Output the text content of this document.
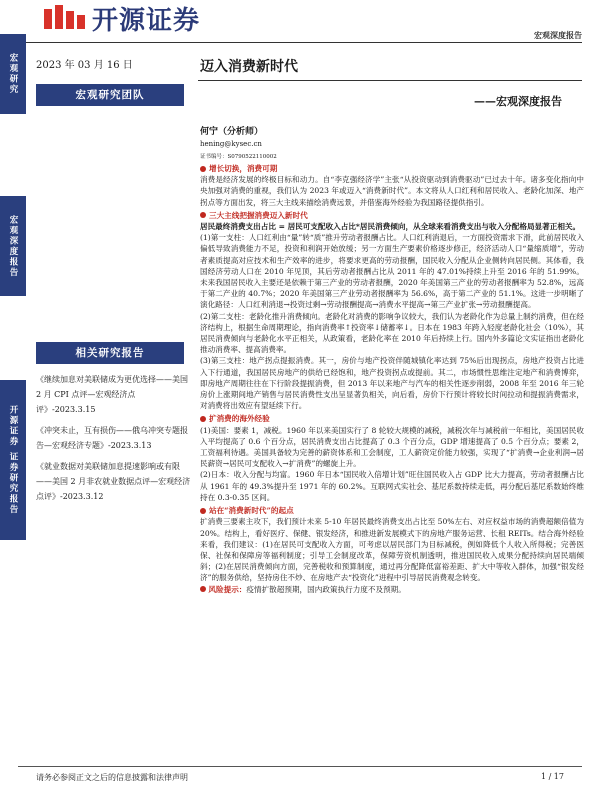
开源证券	宏观深度报告
宏观研究
宏观深度报告
开源证券 证券研究报告
2023 年 03 月 16 日
宏观研究团队
相关研究报告

《继续加息对美联储成为更优选择——美国 2 月 CPI 点评—宏观经济点评》-2023.3.15

《冲突未止，互有损伤——俄乌冲突专题报告—宏观经济专题》-2023.3.13

《就业数据对美联储加息提速影响或有限——美国 2 月非农就业数据点评—宏观经济点评》-2023.3.12

迈入消费新时代
——宏观深度报告
何宁（分析师）
hening@kysec.cn
证书编号：S0790522110002
增长切换，消费可期

消费是经济发展的终极目标和动力。自“李克强经济学”主张“从投资驱动到消费驱动”已过去十年。诸多变化指向中央加强对消费的重视，我们认为 2023 年或迈入“消费新时代”。本文将从人口红利和居民收入、老龄化加深、地产拐点等方面出发，将三大主线来描绘消费远景，并借鉴海外经验为我国路径提供指引。

三大主线把握消费迈入新时代

居民最终消费支出占比 = 居民可支配收入占比*居民消费倾向，从全球来看消费支出与收入分配格局显著正相关。

(1)第一支柱：人口红利由“量”转“质”推升劳动者报酬占比。人口红利消退后，一方面投资需求下滑，此前居民收入偏低导致消费能力不足，投资和利润开始放缓；另一方面生产要素价格逐步修正，经济活动人口“量缩质增”，劳动者素质提高对应技术和生产效率的进步，将要求更高的劳动报酬，国民收入分配从企业侧转向居民侧。其体看，我国经济劳动人口在 2010 年见顶，其后劳动者报酬占比从 2011 年的 47.01%持续上升至 2016 年的 51.99%。未来我国居民收入主要还是依赖于第三产业的劳动者报酬，2020 年美国第三产业的劳动者报酬率为 52.8%，远高于第二产业的 40.7%；2020 年美国第三产业劳动者报酬率为 56.6%，高于第二产业的 51.1%。这进一步明晰了演化路径：人口红利消退→投资过剩→劳动报酬提高→消费水平提高→第三产业扩张→劳动报酬提高。

(2)第二支柱：老龄化推升消费倾向。老龄化对消费的影响争议较大，我们认为老龄化作为总量上制约消费，但在经济结构上，根据生命周期理论，指向消费率↑投资率↓储蓄率↓。日本在 1983 年跨入轻度老龄化社会（10%），其居民消费倾向与老龄化水平正相关，从政策看，老龄化率在 2010 年后持续上行。国内外多篇论文实证指出老龄化推动消费率、提高消费率。

(3)第三支柱：地产拐点提振消费。其一，房价与地产投资伴随城镇化率达到 75%后出现拐点，房地产投资占比进入下行通道，我国居民房地产的供给已经饱和，地产投资拐点或提前。其二，市场惯性思维注定地产和消费博弈，即房地产周期往往在下行阶段提振消费，但 2013 年以来地产与汽车的相关性逐步削弱，2008 年至 2016 年三轮房价上涨期间地产销售与居民消费性支出呈显著负相关，向后看，房价下行预计将较长时间拉动和提振消费需求，对消费将出效应有望延续下行。

扩消费的海外经验

(1)美国：要素 1，减税。1960 年以来美国实行了 8 轮较大规模的减税，减税次年与减税前一年相比，美国居民收入平均提高了 0.6 个百分点，居民消费支出占比提高了 0.3 个百分点，GDP 增速提高了 0.5 个百分点；要素 2，工资福利待遇。美国具备较为完善的薪资体系和工会制度，工人薪资定价能力较强，实现了“扩消费→企业利润→居民薪资→居民可支配收入→扩消费”的螺旋上升。

(2)日本：收入分配与均富。1960 年日本“国民收入倍增计划”旺住国民收入占 GDP 比大力提高，劳动者报酬占比从 1961 年的 49.3%提升至 1971 年的 60.2%。互联网式实社会、基尼系数持续走低，再分配后基尼系数始终维持在 0.3-0.35 区间。

站在“消费新时代”的起点

扩消费三要素主攻下，我们预计未来 5-10 年居民最终消费支出占比至 50%左右、对应权益市场的消费超额倍值为 20%。结构上，看好医疗、保健、银发经济，和推进新发展模式下的房地产服务运营、长租 REITs。结合海外经验来看，我们建议：(1)在居民可支配收入方面，可考虑以居民部门为目标减税，例如降低个人收入所得税；完善医保、社保和保障房等福利制度；引导工会制度改革，保障劳资机制透明，推进国民收入成果分配持续向居民端倾斜；(2)在居民消费倾向方面，完善税收和预算制度，通过再分配降低富裕差距、扩大中等收入群体，加强“银发经济”的服务供给，坚持房住不炒、在房地产去“投资化”进程中引导居民消费观念转变。

风险提示：疫情扩散超预期，国内政策执行力度不及预期。

请务必参阅正文之后的信息披露和法律声明	1 / 17
